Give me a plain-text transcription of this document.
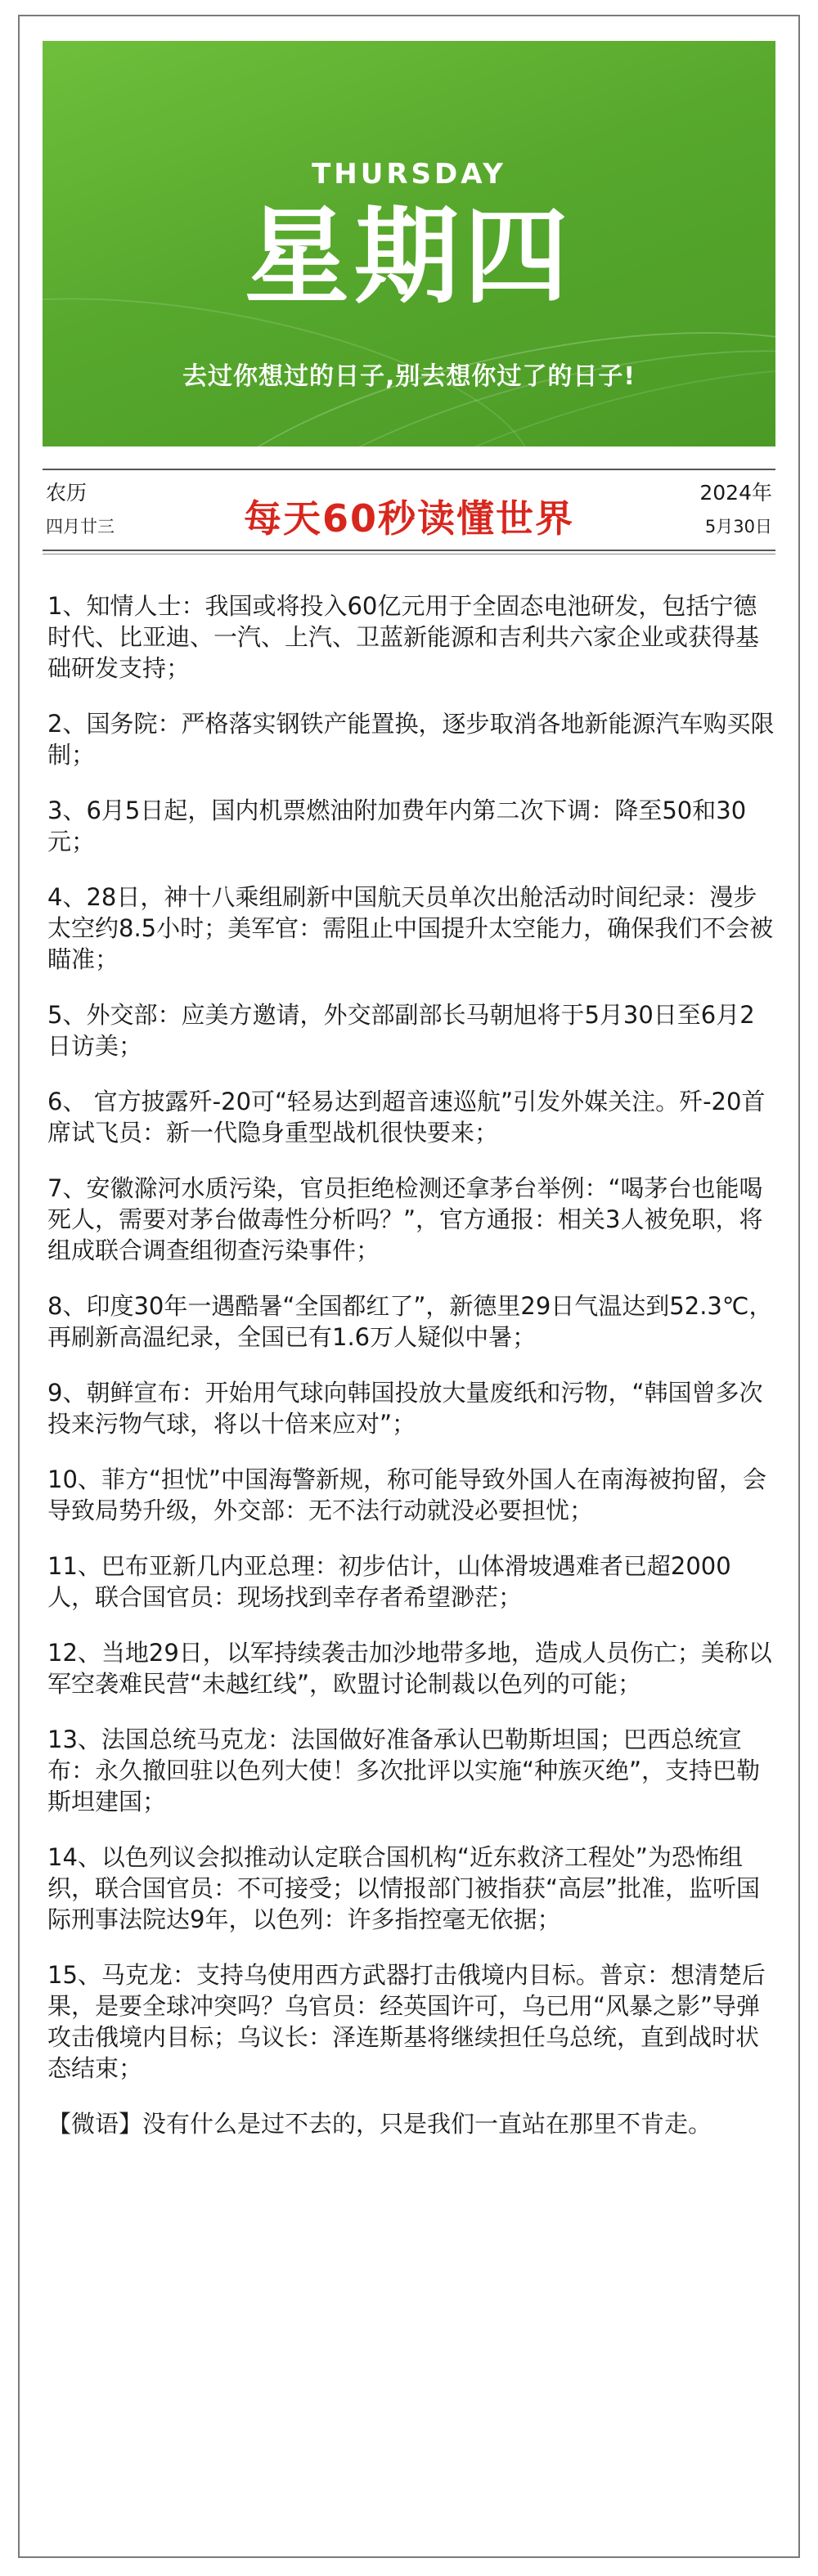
THURSDAY
星期四
去过你想过的日子,别去想你过了的日子!
农历
四月廿三	每天60秒读懂世界
2024年
5月30日

1、知情人士：我国或将投入60亿元用于全固态电池研发，包括宁德时代、比亚迪、一汽、上汽、卫蓝新能源和吉利共六家企业或获得基础研发支持；

2、国务院：严格落实钢铁产能置换，逐步取消各地新能源汽车购买限制；

3、6月5日起，国内机票燃油附加费年内第二次下调：降至50和30元；

4、28日，神十八乘组刷新中国航天员单次出舱活动时间纪录：漫步太空约8.5小时；美军官：需阻止中国提升太空能力，确保我们不会被瞄准；

5、外交部：应美方邀请，外交部副部长马朝旭将于5月30日至6月2日访美；

6、 官方披露歼-20可“轻易达到超音速巡航”引发外媒关注。歼-20首席试飞员：新一代隐身重型战机很快要来；

7、安徽滁河水质污染，官员拒绝检测还拿茅台举例：“喝茅台也能喝死人，需要对茅台做毒性分析吗？”，官方通报：相关3人被免职，将组成联合调查组彻查污染事件；

8、印度30年一遇酷暑“全国都红了”，新德里29日气温达到52.3℃，再刷新高温纪录，全国已有1.6万人疑似中暑；

9、朝鲜宣布：开始用气球向韩国投放大量废纸和污物，“韩国曾多次投来污物气球，将以十倍来应对”；

10、菲方“担忧”中国海警新规，称可能导致外国人在南海被拘留，会导致局势升级，外交部：无不法行动就没必要担忧；

11、巴布亚新几内亚总理：初步估计，山体滑坡遇难者已超2000人，联合国官员：现场找到幸存者希望渺茫；

12、当地29日，以军持续袭击加沙地带多地，造成人员伤亡；美称以军空袭难民营“未越红线”，欧盟讨论制裁以色列的可能；

13、法国总统马克龙：法国做好准备承认巴勒斯坦国；巴西总统宣布：永久撤回驻以色列大使！多次批评以实施“种族灭绝”，支持巴勒斯坦建国；

14、以色列议会拟推动认定联合国机构“近东救济工程处”为恐怖组织，联合国官员：不可接受；以情报部门被指获“高层”批准，监听国际刑事法院达9年，以色列：许多指控毫无依据；

15、马克龙：支持乌使用西方武器打击俄境内目标。普京：想清楚后果，是要全球冲突吗？乌官员：经英国许可，乌已用“风暴之影”导弹攻击俄境内目标；乌议长：泽连斯基将继续担任乌总统，直到战时状态结束；

【微语】没有什么是过不去的，只是我们一直站在那里不肯走。
